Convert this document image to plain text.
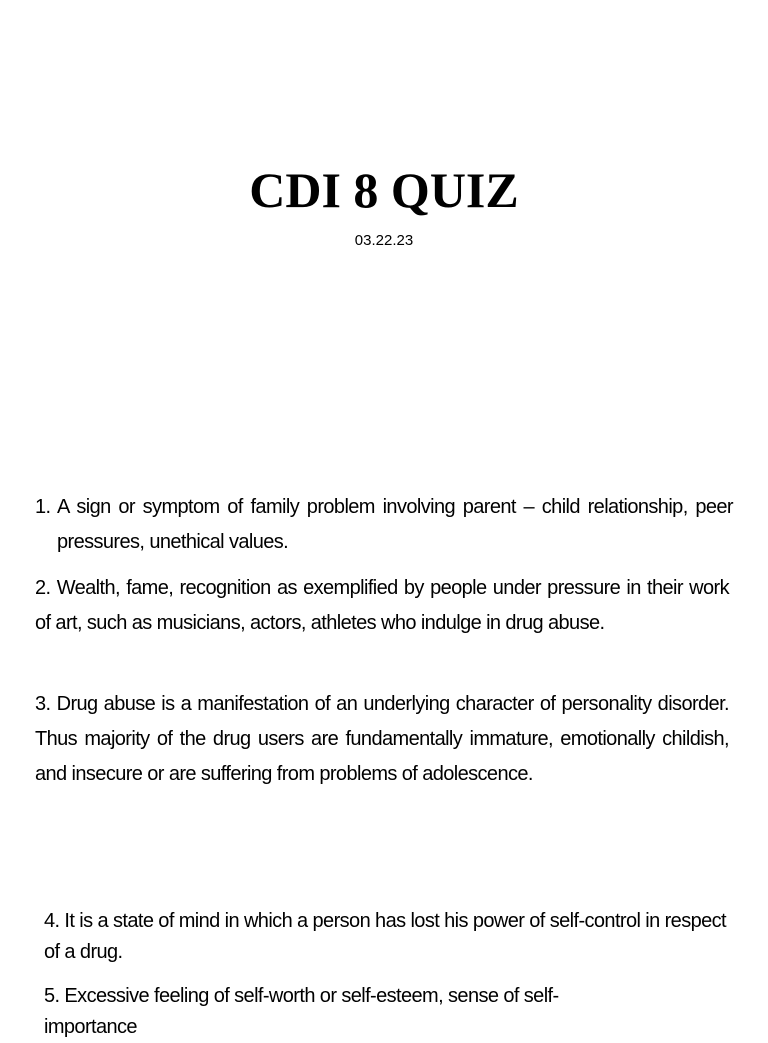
CDI 8 QUIZ
03.22.23
1. A sign or symptom of family problem involving parent – child relationship, peer pressures, unethical values.

2. Wealth, fame, recognition as exemplified by people under pressure in their work of art, such as musicians, actors, athletes who indulge in drug abuse.

3. Drug abuse is a manifestation of an underlying character of personality disorder. Thus majority of the drug users are fundamentally immature, emotionally childish, and insecure or are suffering from problems of adolescence.

4. It is a state of mind in which a person has lost his power of self-control in respect of a drug.

5. Excessive feeling of self-worth or self-esteem, sense of self-importance
